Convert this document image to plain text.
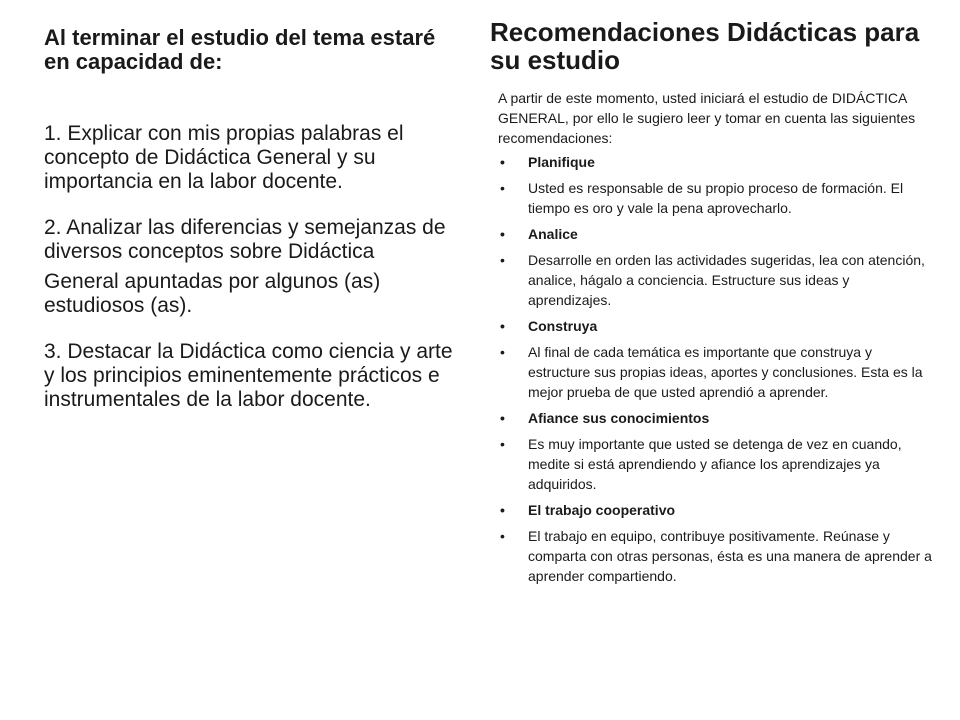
Al terminar el estudio del tema estaré en capacidad de:

1. Explicar con mis propias palabras el concepto de Didáctica General y su importancia en la labor docente.

2. Analizar las diferencias y semejanzas de diversos conceptos sobre Didáctica

General apuntadas por algunos (as) estudiosos (as).

3. Destacar la Didáctica como ciencia y arte y los principios eminentemente prácticos e instrumentales de la labor docente.

Recomendaciones Didácticas para su estudio

A partir de este momento, usted iniciará el estudio de DIDÁCTICA GENERAL, por ello le sugiero leer y tomar en cuenta las siguientes recomendaciones:

• Planifique
• Usted es responsable de su propio proceso de formación. El tiempo es oro y vale la pena aprovecharlo.
• Analice
• Desarrolle en orden las actividades sugeridas, lea con atención, analice, hágalo a conciencia. Estructure sus ideas y aprendizajes.
• Construya
• Al final de cada temática es importante que construya y estructure sus propias ideas, aportes y conclusiones. Esta es la mejor prueba de que usted aprendió a aprender.
• Afiance sus conocimientos
• Es muy importante que usted se detenga de vez en cuando, medite si está aprendiendo y afiance los aprendizajes ya adquiridos.
• El trabajo cooperativo
• El trabajo en equipo, contribuye positivamente. Reúnase y comparta con otras personas, ésta es una manera de aprender a aprender compartiendo.
